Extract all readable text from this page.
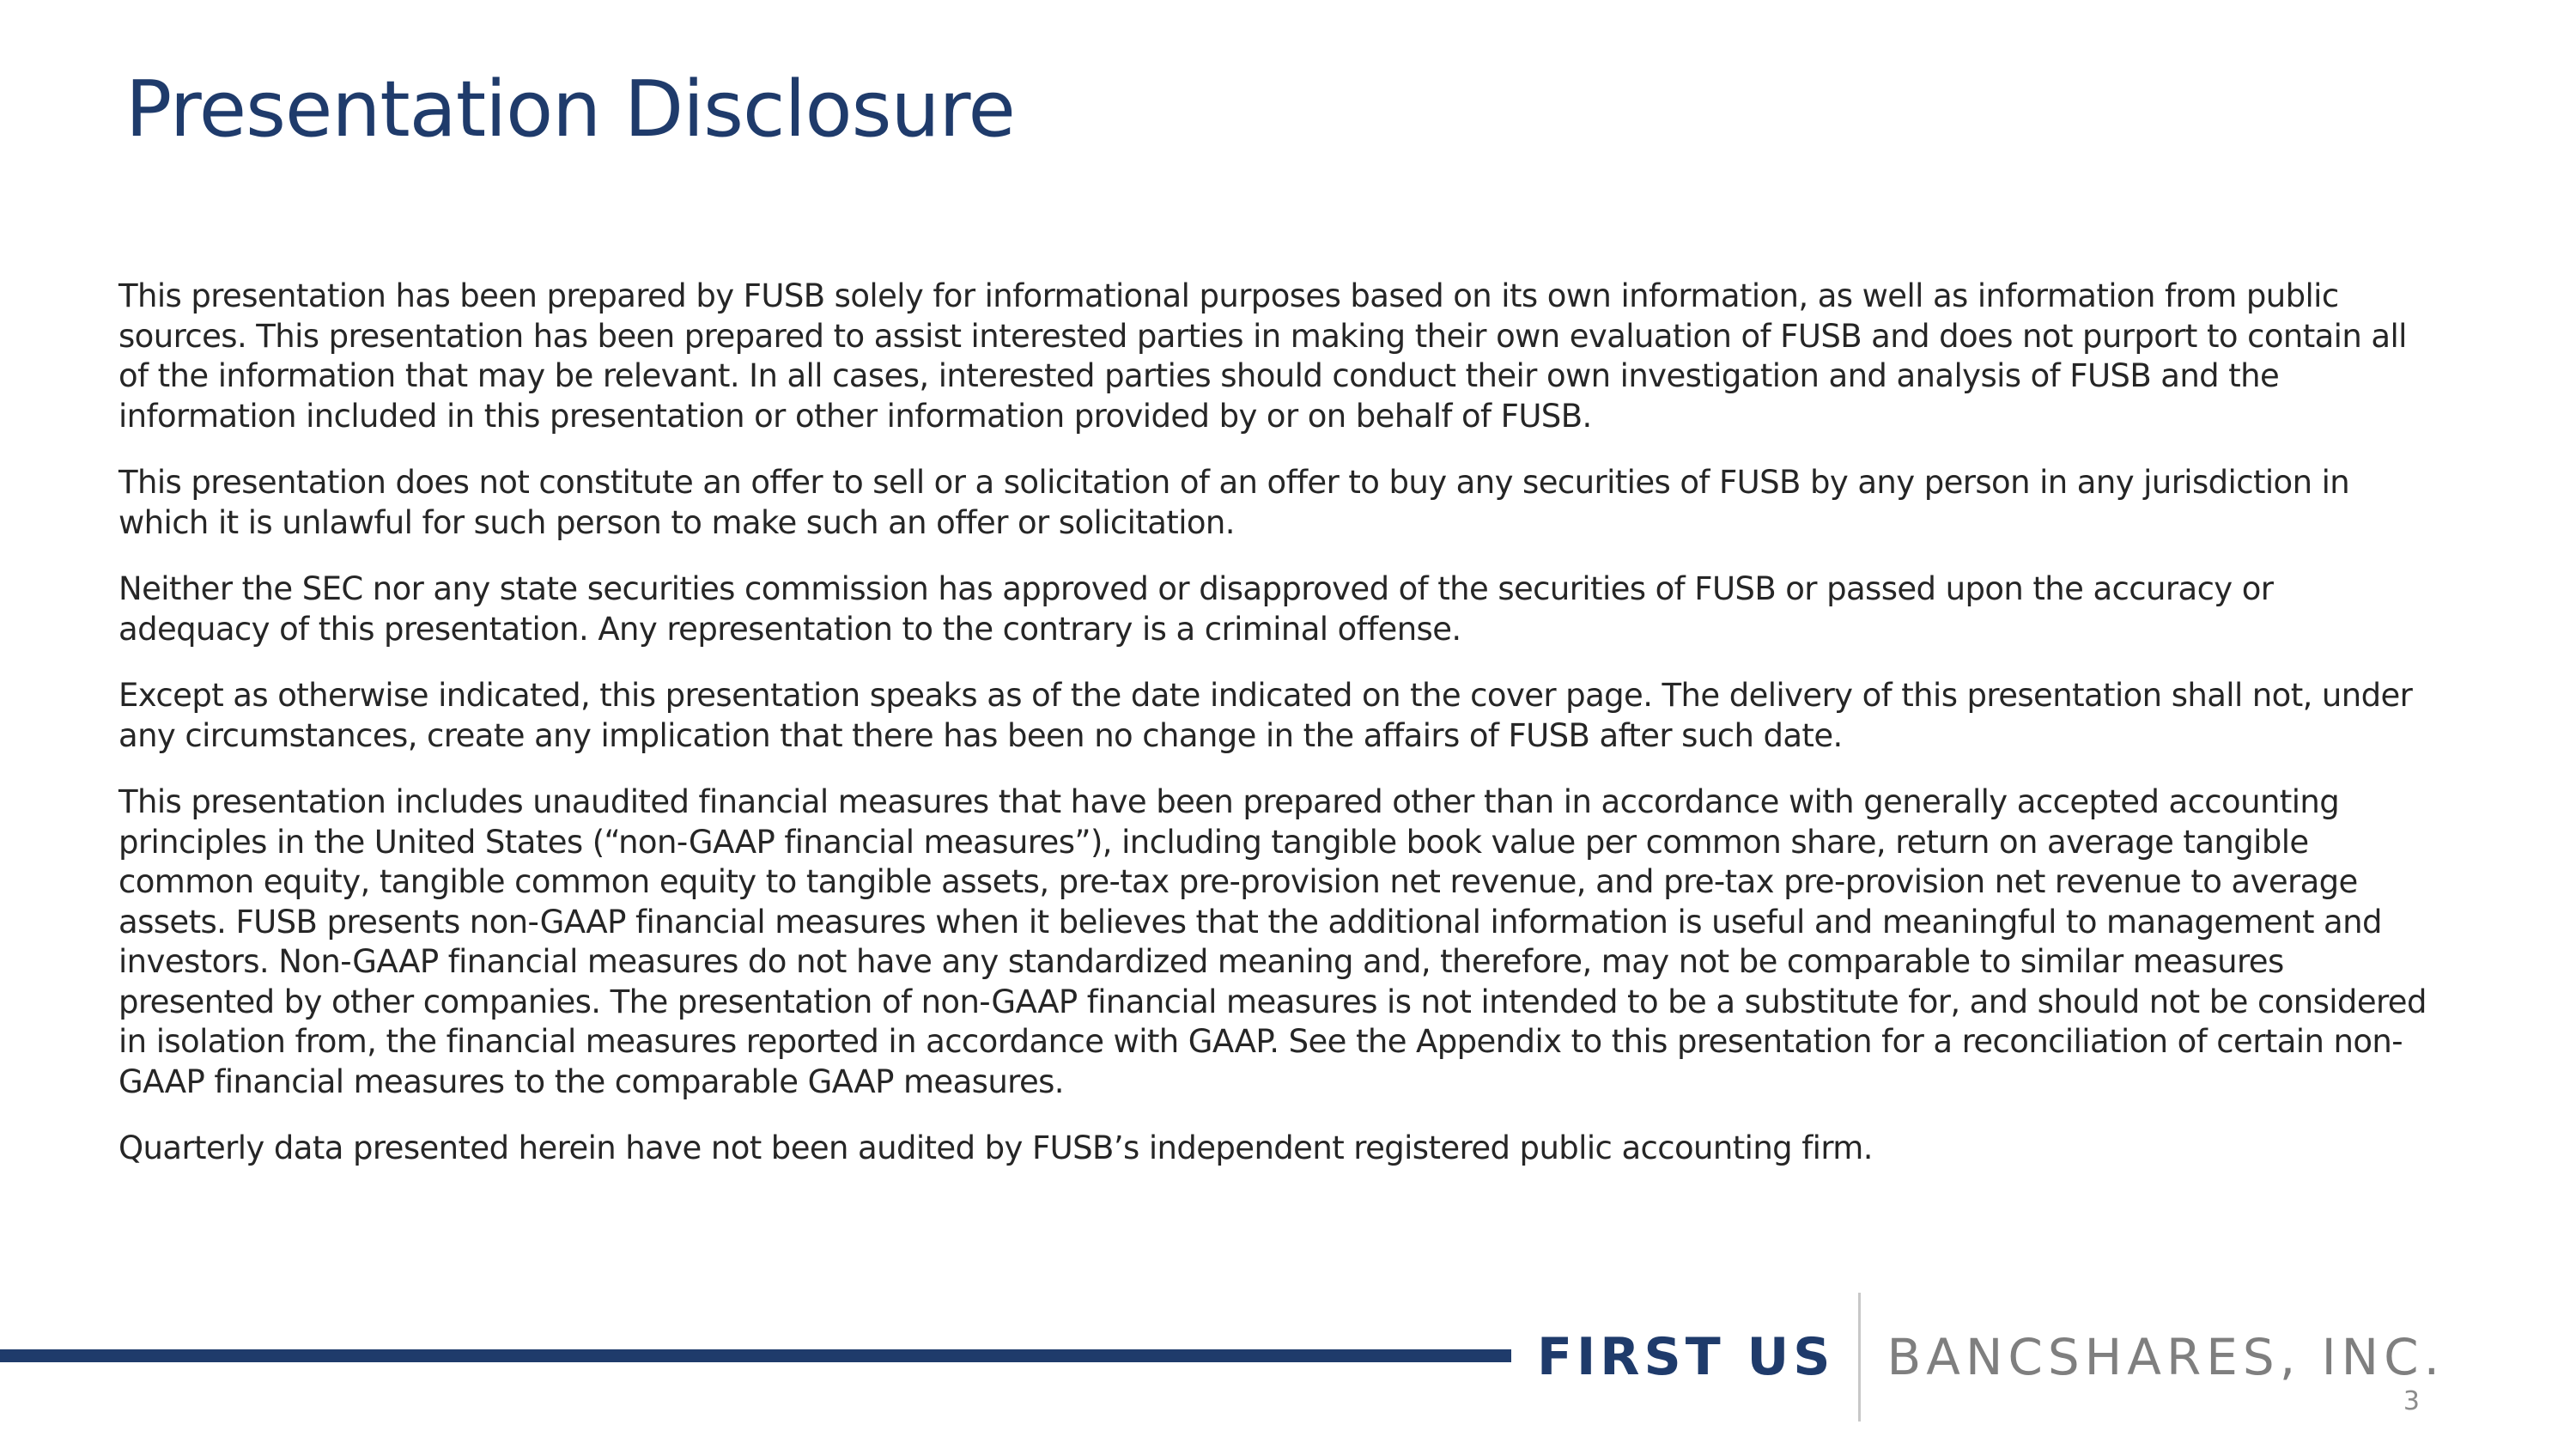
Presentation Disclosure

This presentation has been prepared by FUSB solely for informational purposes based on its own information, as well as information from public sources. This presentation has been prepared to assist interested parties in making their own evaluation of FUSB and does not purport to contain all of the information that may be relevant. In all cases, interested parties should conduct their own investigation and analysis of FUSB and the information included in this presentation or other information provided by or on behalf of FUSB.

This presentation does not constitute an offer to sell or a solicitation of an offer to buy any securities of FUSB by any person in any jurisdiction in which it is unlawful for such person to make such an offer or solicitation.

Neither the SEC nor any state securities commission has approved or disapproved of the securities of FUSB or passed upon the accuracy or adequacy of this presentation. Any representation to the contrary is a criminal offense.

Except as otherwise indicated, this presentation speaks as of the date indicated on the cover page. The delivery of this presentation shall not, under any circumstances, create any implication that there has been no change in the affairs of FUSB after such date.

This presentation includes unaudited financial measures that have been prepared other than in accordance with generally accepted accounting principles in the United States (“non-GAAP financial measures”), including tangible book value per common share, return on average tangible common equity, tangible common equity to tangible assets, pre-tax pre-provision net revenue, and pre-tax pre-provision net revenue to average assets. FUSB presents non-GAAP financial measures when it believes that the additional information is useful and meaningful to management and investors. Non-GAAP financial measures do not have any standardized meaning and, therefore, may not be comparable to similar measures presented by other companies. The presentation of non-GAAP financial measures is not intended to be a substitute for, and should not be considered in isolation from, the financial measures reported in accordance with GAAP. See the Appendix to this presentation for a reconciliation of certain non-GAAP financial measures to the comparable GAAP measures.

Quarterly data presented herein have not been audited by FUSB’s independent registered public accounting firm.

FIRST US BANCSHARES, INC.
3
